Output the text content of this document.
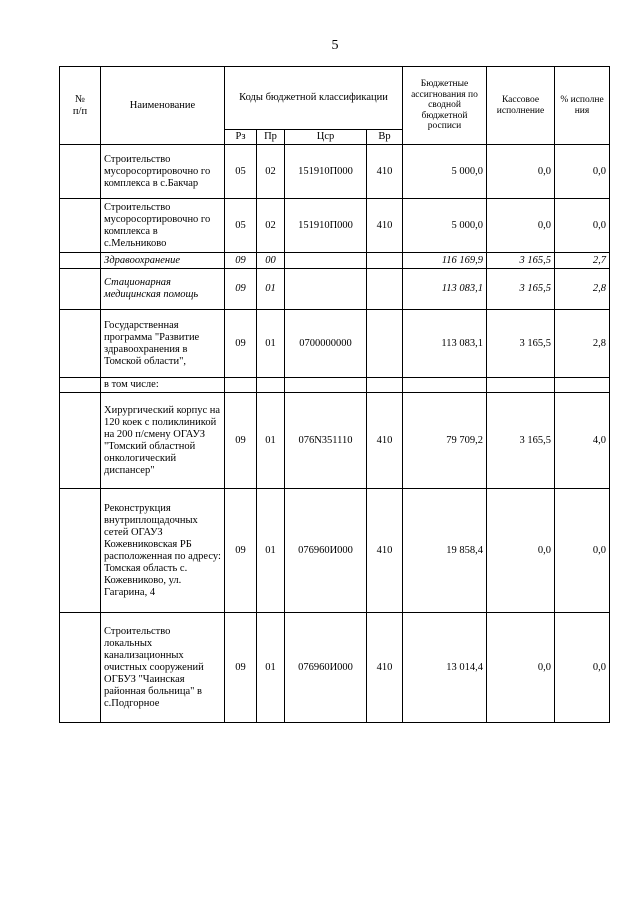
5
№
п/п	Наименование	Коды бюджетной классификации				Бюджетные ассигнования по сводной бюджетной росписи	Кассовое исполнение	% исполне ния
		Рз	Пр	Цср	Вр			
	Строительство мусоросортировочно го комплекса в с.Бакчар	05	02	151910П000	410	5 000,0	0,0	0,0
	Строительство мусоросортировочно го комплекса в с.Мельниково	05	02	151910П000	410	5 000,0	0,0	0,0
	Здравоохранение	09	00			116 169,9	3 165,5	2,7
	Стационарная медицинская помощь	09	01			113 083,1	3 165,5	2,8
	Государственная программа "Развитие здравоохранения в Томской области",	09	01	0700000000		113 083,1	3 165,5	2,8
	в том числе:							
	Хирургический корпус на 120 коек с поликлиникой на 200 п/смену ОГАУЗ "Томский областной онкологический диспансер"	09	01	076N351110	410	79 709,2	3 165,5	4,0
	Реконструкция внутриплощадочных сетей ОГАУЗ Кожевниковская РБ расположенная по адресу: Томская область с. Кожевниково, ул. Гагарина, 4	09	01	076960И000	410	19 858,4	0,0	0,0
	Строительство локальных канализационных очистных сооружений ОГБУЗ "Чаинская районная больница" в с.Подгорное	09	01	076960И000	410	13 014,4	0,0	0,0
